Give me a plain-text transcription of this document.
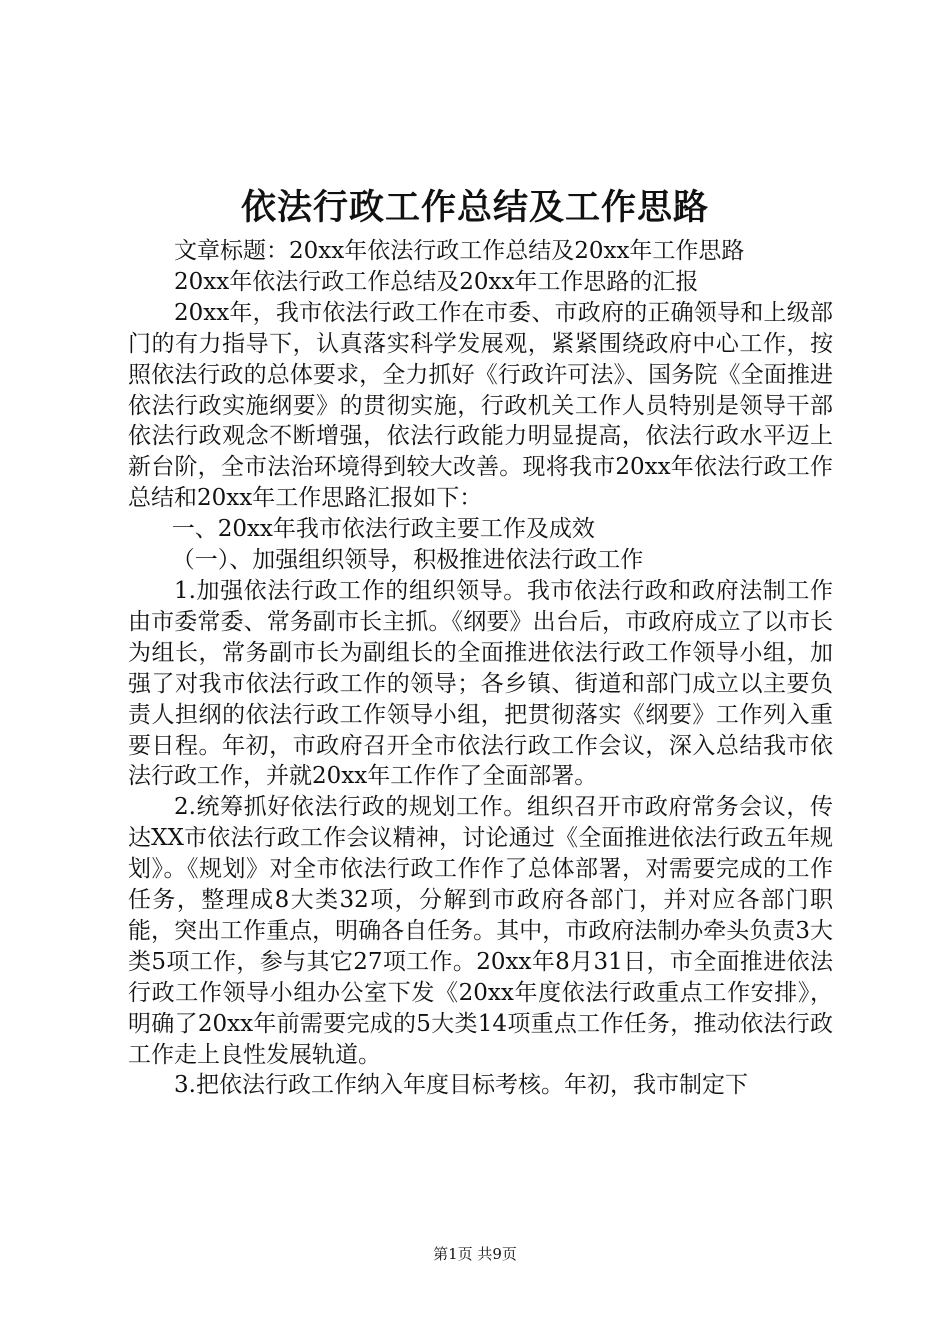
依法行政工作总结及工作思路

文章标题：20xx年依法行政工作总结及20xx年工作思路

20xx年依法行政工作总结及20xx年工作思路的汇报

20xx年，我市依法行政工作在市委、市政府的正确领导和上级部门的有力指导下，认真落实科学发展观，紧紧围绕政府中心工作，按照依法行政的总体要求，全力抓好《行政许可法》、国务院《全面推进依法行政实施纲要》的贯彻实施，行政机关工作人员特别是领导干部依法行政观念不断增强，依法行政能力明显提高，依法行政水平迈上新台阶，全市法治环境得到较大改善。现将我市20xx年依法行政工作总结和20xx年工作思路汇报如下：

一、20xx年我市依法行政主要工作及成效

（一）、加强组织领导，积极推进依法行政工作

1.加强依法行政工作的组织领导。我市依法行政和政府法制工作由市委常委、常务副市长主抓。《纲要》出台后，市政府成立了以市长为组长，常务副市长为副组长的全面推进依法行政工作领导小组，加强了对我市依法行政工作的领导；各乡镇、街道和部门成立以主要负责人担纲的依法行政工作领导小组，把贯彻落实《纲要》工作列入重要日程。年初，市政府召开全市依法行政工作会议，深入总结我市依法行政工作，并就20xx年工作作了全面部署。

2.统筹抓好依法行政的规划工作。组织召开市政府常务会议，传达XX市依法行政工作会议精神，讨论通过《全面推进依法行政五年规划》。《规划》对全市依法行政工作作了总体部署，对需要完成的工作任务，整理成8大类32项，分解到市政府各部门，并对应各部门职能，突出工作重点，明确各自任务。其中，市政府法制办牵头负责3大类5项工作，参与其它27项工作。20xx年8月31日，市全面推进依法行政工作领导小组办公室下发《20xx年度依法行政重点工作安排》，明确了20xx年前需要完成的5大类14项重点工作任务，推动依法行政工作走上良性发展轨道。

3.把依法行政工作纳入年度目标考核。年初，我市制定下

第1页 共9页
